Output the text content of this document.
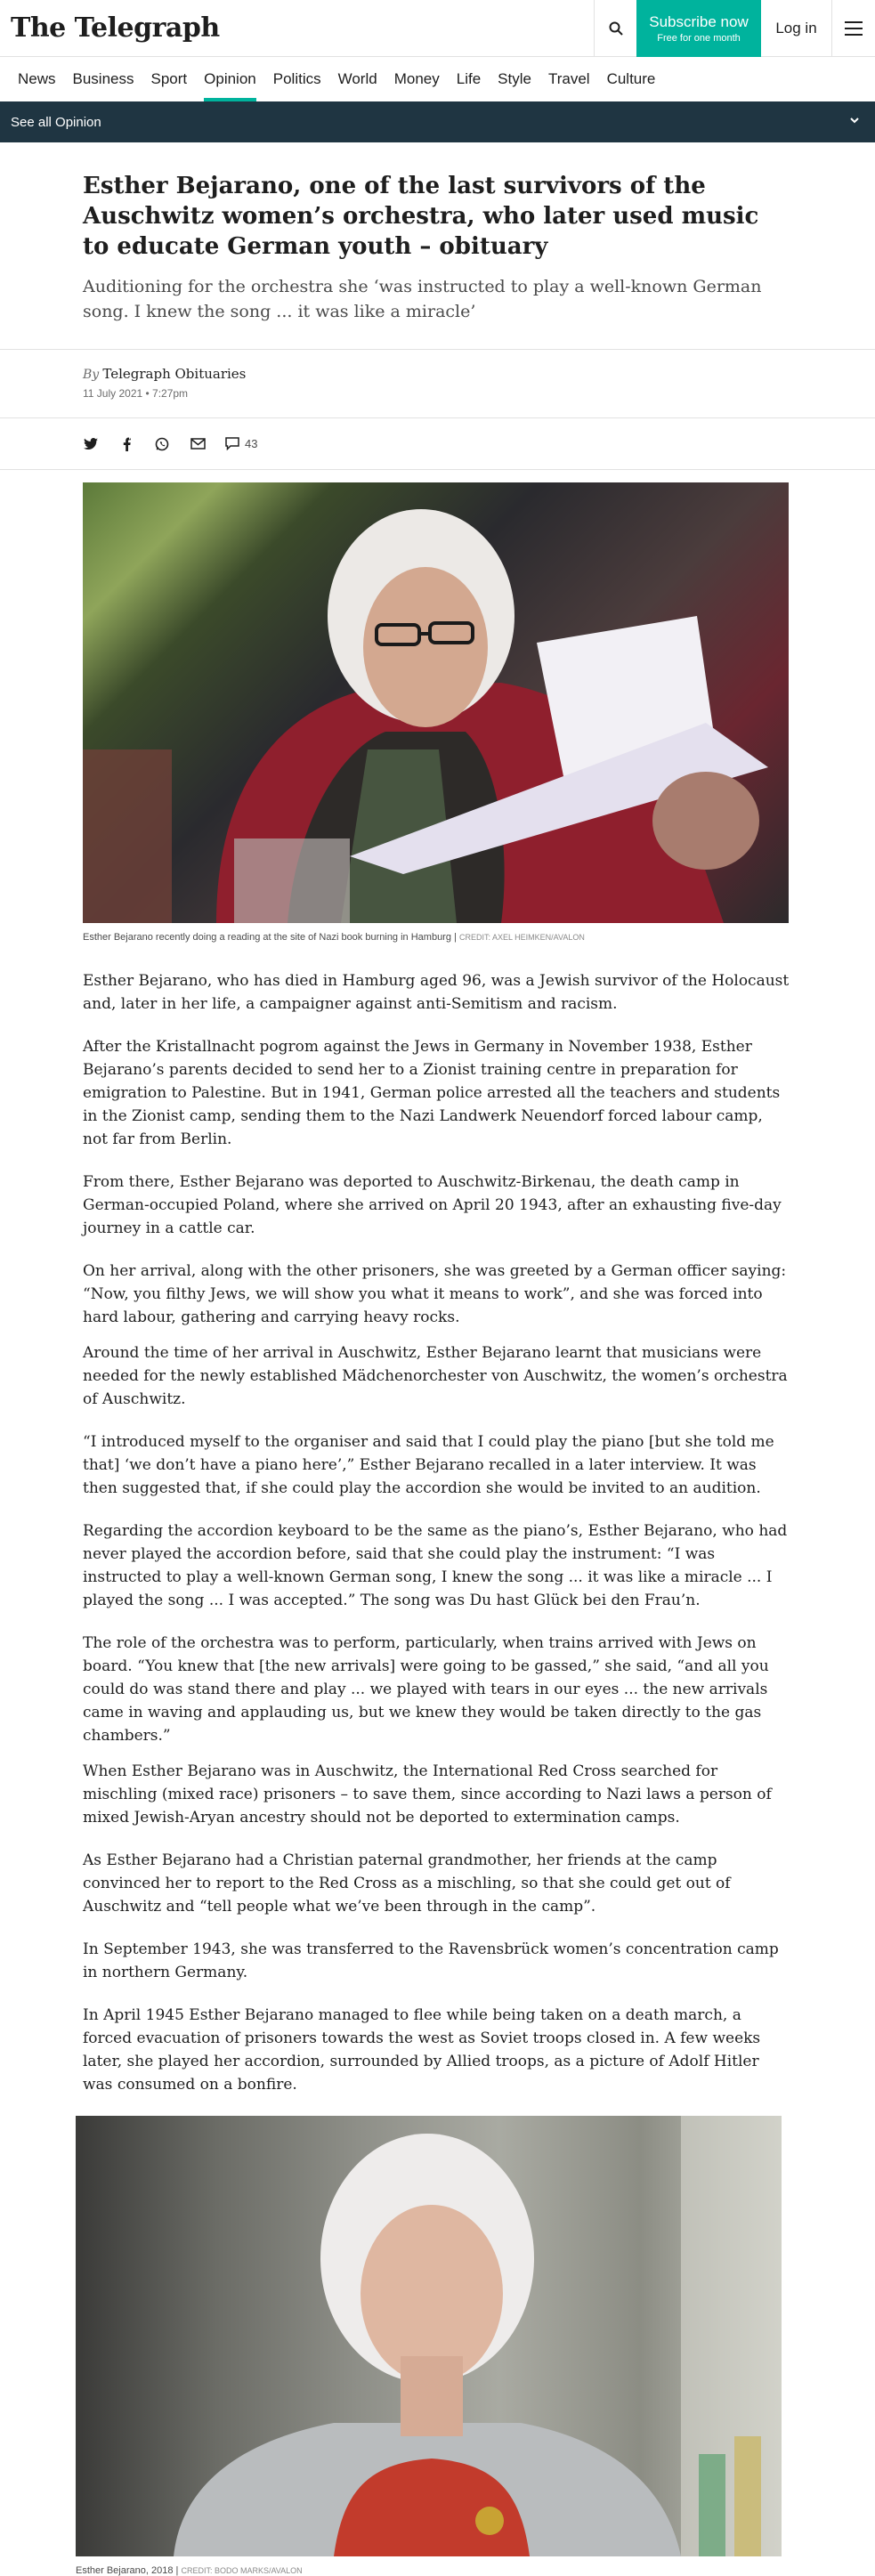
The Telegraph	Subscribe now
Free for one month
Log in
News Business Sport Opinion Politics World Money Life Style Travel Culture
See all Opinion
Esther Bejarano, one of the last survivors of the Auschwitz women’s orchestra, who later used music to educate German youth – obituary
Auditioning for the orchestra she ‘was instructed to play a well-known German song. I knew the song ... it was like a miracle’
By Telegraph Obituaries
11 July 2021 • 7:27pm
43
Esther Bejarano recently doing a reading at the site of Nazi book burning in Hamburg | CREDIT: AXEL HEIMKEN/AVALON

Esther Bejarano, who has died in Hamburg aged 96, was a Jewish survivor of the Holocaust and, later in her life, a campaigner against anti-Semitism and racism.

After the Kristallnacht pogrom against the Jews in Germany in November 1938, Esther Bejarano’s parents decided to send her to a Zionist training centre in preparation for emigration to Palestine. But in 1941, German police arrested all the teachers and students in the Zionist camp, sending them to the Nazi Landwerk Neuendorf forced labour camp, not far from Berlin.

From there, Esther Bejarano was deported to Auschwitz-Birkenau, the death camp in German-occupied Poland, where she arrived on April 20 1943, after an exhausting five-day journey in a cattle car.

On her arrival, along with the other prisoners, she was greeted by a German officer saying: “Now, you filthy Jews, we will show you what it means to work”, and she was forced into hard labour, gathering and carrying heavy rocks.

Around the time of her arrival in Auschwitz, Esther Bejarano learnt that musicians were needed for the newly established Mädchenorchester von Auschwitz, the women’s orchestra of Auschwitz.

“I introduced myself to the organiser and said that I could play the piano [but she told me that] ‘we don’t have a piano here’,” Esther Bejarano recalled in a later interview. It was then suggested that, if she could play the accordion she would be invited to an audition.

Regarding the accordion keyboard to be the same as the piano’s, Esther Bejarano, who had never played the accordion before, said that she could play the instrument: “I was instructed to play a well-known German song, I knew the song ... it was like a miracle ... I played the song ... I was accepted.” The song was Du hast Glück bei den Frau’n.

The role of the orchestra was to perform, particularly, when trains arrived with Jews on board. “You knew that [the new arrivals] were going to be gassed,” she said, “and all you could do was stand there and play ... we played with tears in our eyes ... the new arrivals came in waving and applauding us, but we knew they would be taken directly to the gas chambers.”

When Esther Bejarano was in Auschwitz, the International Red Cross searched for mischling (mixed race) prisoners – to save them, since according to Nazi laws a person of mixed Jewish-Aryan ancestry should not be deported to extermination camps.

As Esther Bejarano had a Christian paternal grandmother, her friends at the camp convinced her to report to the Red Cross as a mischling, so that she could get out of Auschwitz and “tell people what we’ve been through in the camp”.

In September 1943, she was transferred to the Ravensbrück women’s concentration camp in northern Germany.

In April 1945 Esther Bejarano managed to flee while being taken on a death march, a forced evacuation of prisoners towards the west as Soviet troops closed in. A few weeks later, she played her accordion, surrounded by Allied troops, as a picture of Adolf Hitler was consumed on a bonfire.

Esther Bejarano, 2018 | CREDIT: BODO MARKS/AVALON
